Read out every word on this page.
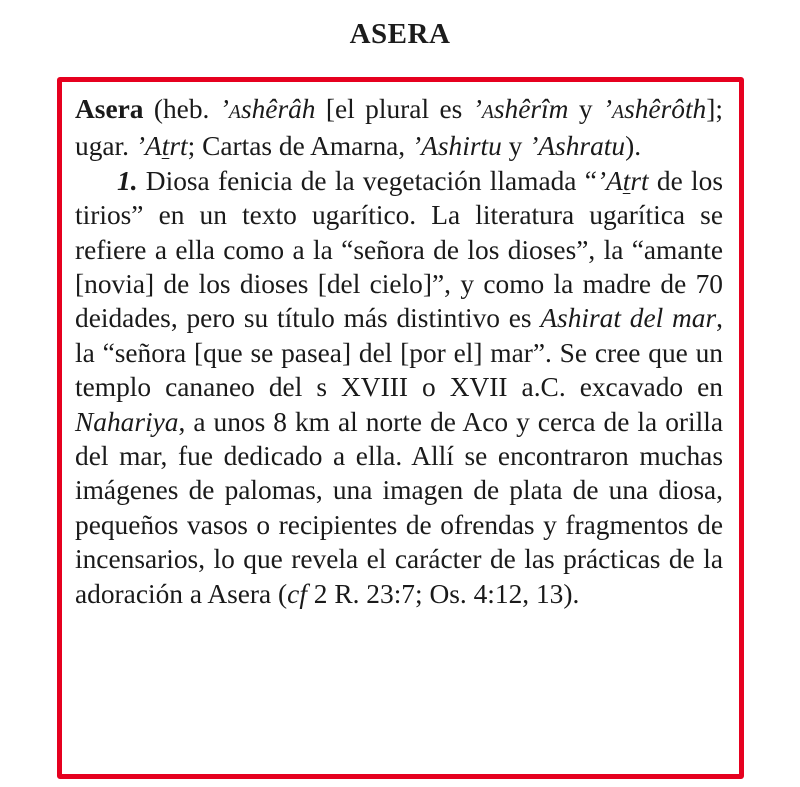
ASERA

Asera (heb. ’Ashêrâh [el plural es ’Ashêrîm y ’Ashêrôth]; ugar. ’Atrt; Cartas de Amarna, ’Ashirtu y ’Ashratu).

1. Diosa fenicia de la vegetación llamada “’Atrt de los tirios” en un texto ugarítico. La literatura ugarítica se refiere a ella como a la “señora de los dioses”, la “amante [novia] de los dioses [del cielo]”, y como la madre de 70 deidades, pero su título más distintivo es Ashirat del mar, la “señora [que se pasea] del [por el] mar”. Se cree que un templo cananeo del s XVIII o XVII a.C. excavado en Nahariya, a unos 8 km al norte de Aco y cerca de la orilla del mar, fue dedicado a ella. Allí se encontraron muchas imágenes de palomas, una imagen de plata de una diosa, pequeños vasos o recipientes de ofrendas y fragmentos de incensarios, lo que revela el carácter de las prácticas de la adoración a Asera (cf 2 R. 23:7; Os. 4:12, 13).
